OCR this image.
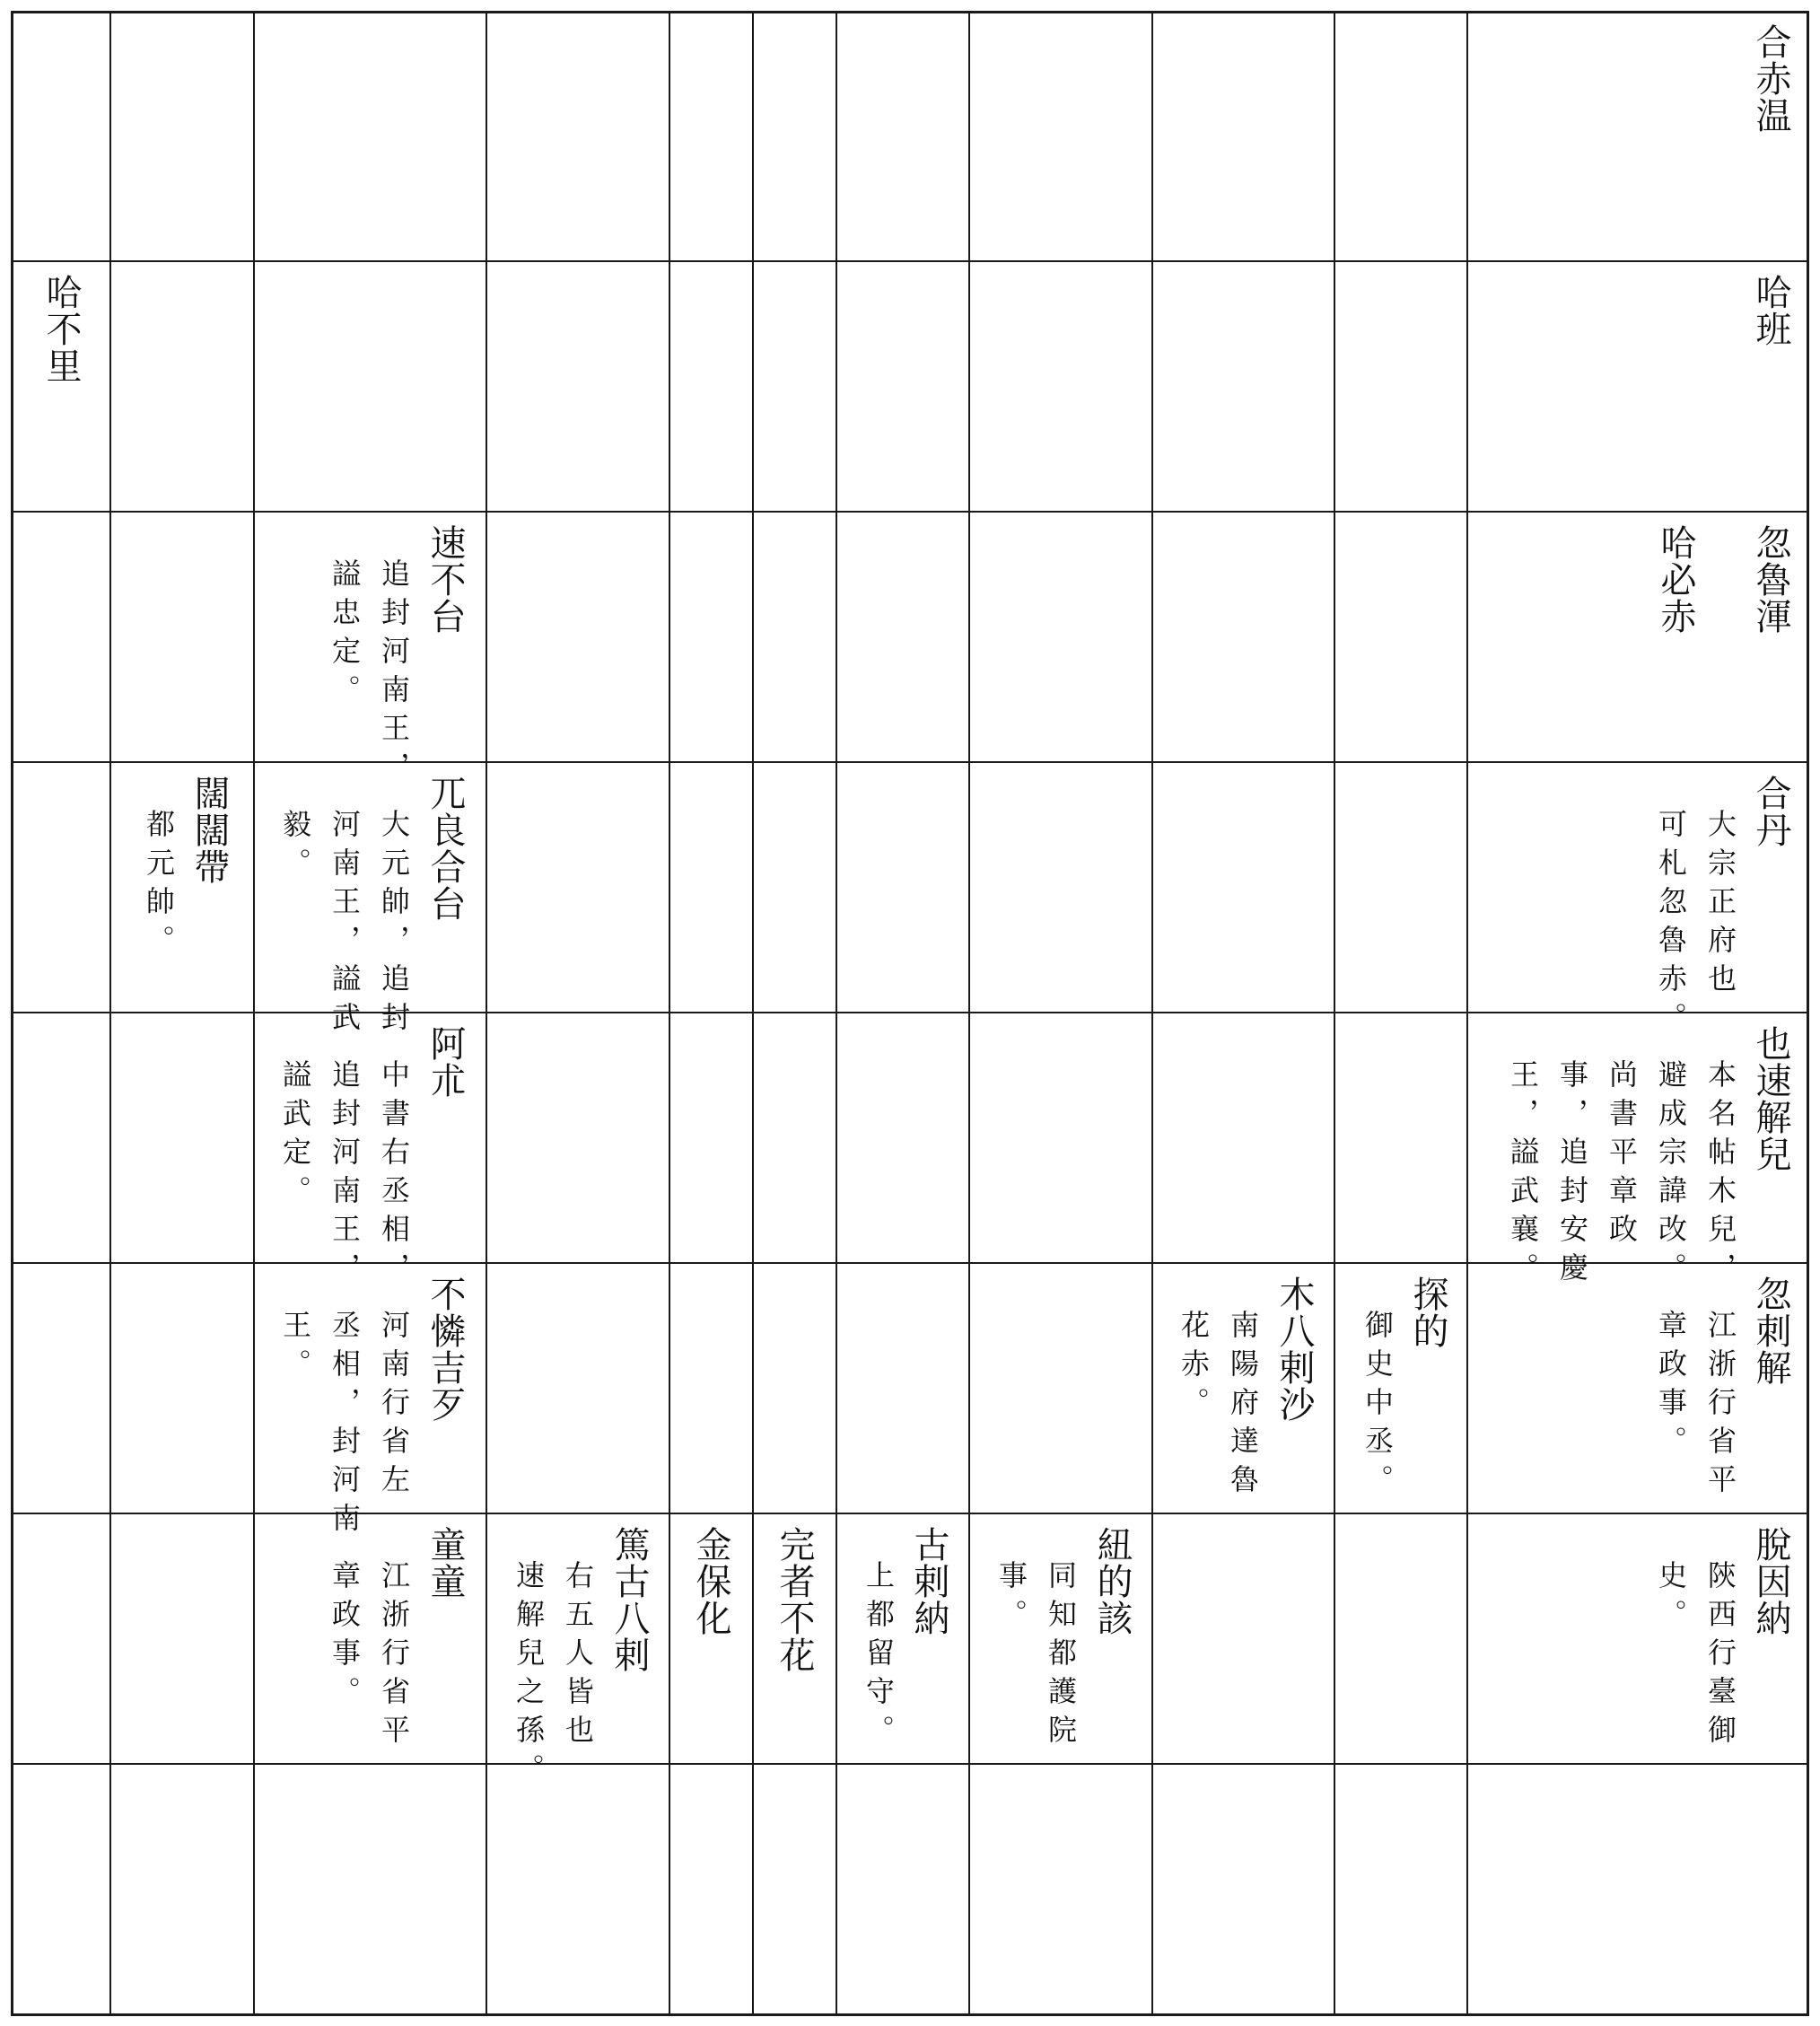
合赤温
哈班
哈不里
忽魯渾
哈必赤
速不台
追封河南王，
謚忠定。
合丹
大宗正府也
可札忽魯赤。
兀良合台
大元帥，追封
河南王，謚武
毅。
闊闊帶
都元帥。
也速解兒
本名帖木兒，
避成宗諱改。
尚書平章政
事，追封安慶
王，謚武襄。
阿朮
中書右丞相，
追封河南王，
謚武定。
忽刺解
江浙行省平
章政事。
探的
御史中丞。
木八剌沙
南陽府達魯
花赤。
不憐吉歹
河南行省左
丞相，封河南
王。
脫因納
陝西行臺御
史。
紐的該
同知都護院
事。
古剌納
上都留守。
完者不花
金保化
篤古八剌
右五人皆也
速解兒之孫。
童童
江浙行省平
章政事。
